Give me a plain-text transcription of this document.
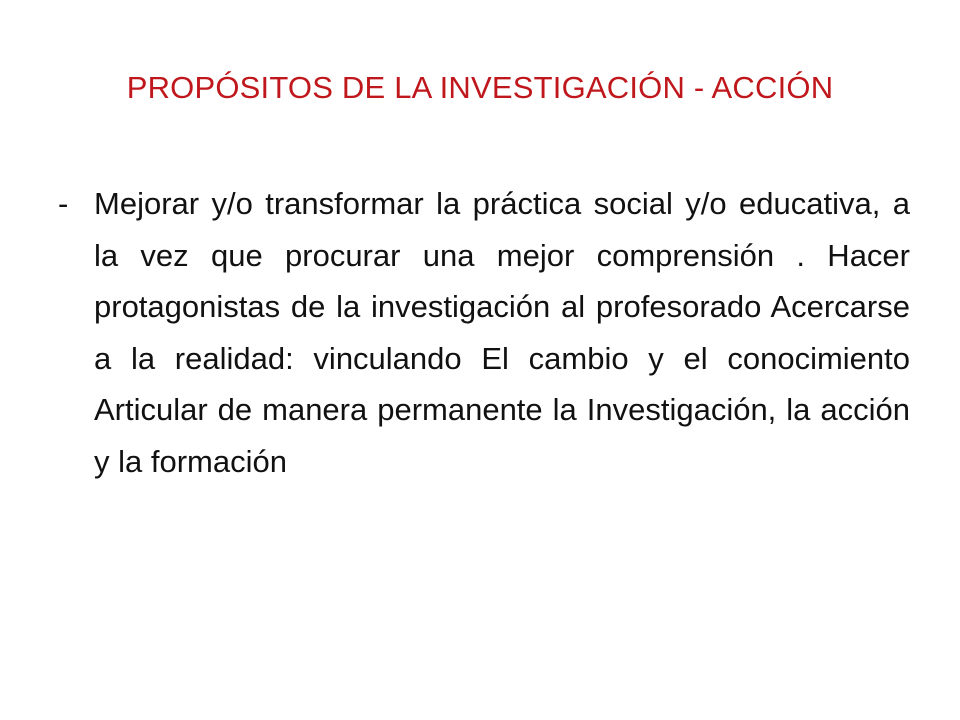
PROPÓSITOS DE LA INVESTIGACIÓN - ACCIÓN
- Mejorar y/o transformar la práctica social y/o educativa, a la vez que procurar una mejor comprensión . Hacer protagonistas de la investigación al profesorado Acercarse a la realidad: vinculando El cambio y el conocimiento Articular de manera permanente la Investigación, la acción y la formación
